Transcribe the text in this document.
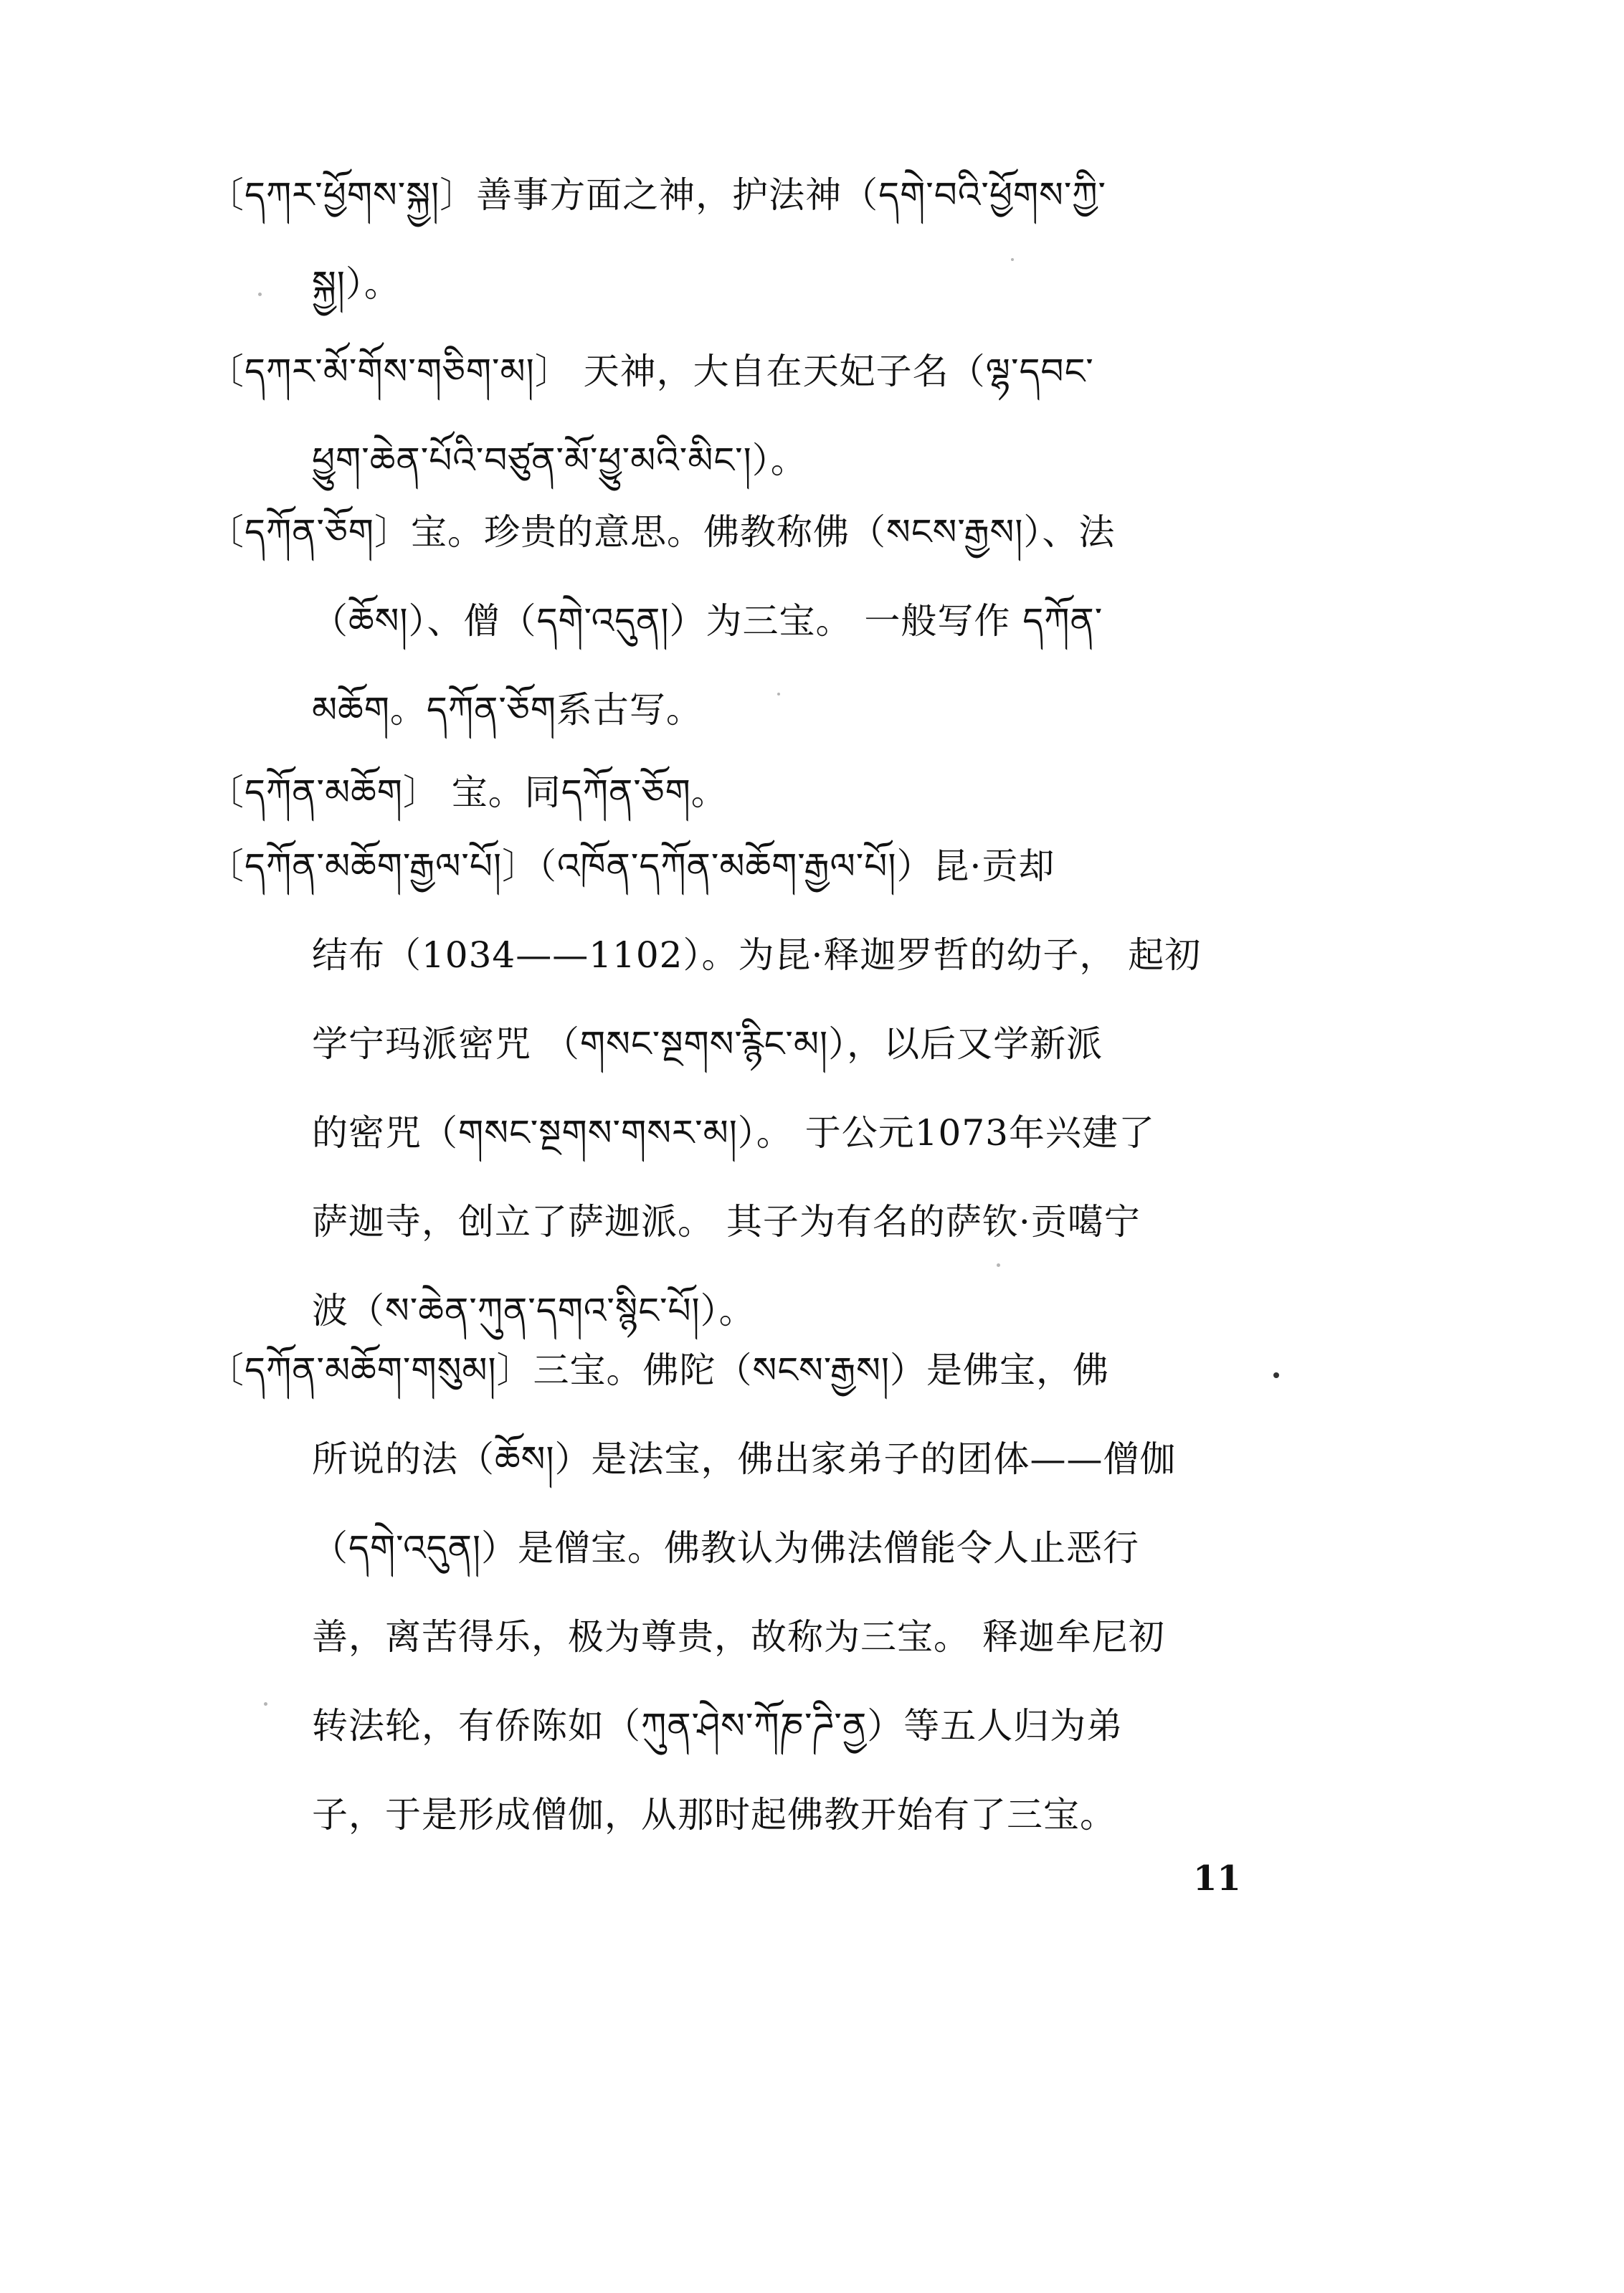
〔དཀར་ཕྱོགས་སྐྱ།〕善事方面之神，护法神（དགེ་བའི་ཕྱོགས་ཀྱི་
སྐྱ།）。
〔དཀར་མོ་གོས་གཅིག་མ།〕 天神，大自在天妃子名（ལྷ་དབང་
ཕྱུག་ཆེན་པོའི་བཙུན་མོ་ཕྱུ་མའི་མིང་།）。
〔དཀོན་ཅོག〕宝。珍贵的意思。佛教称佛（སངས་རྒྱས།）、法
（ཆོས།）、僧（དགེ་འདུན།）为三宝。 一般写作 དཀོན་
མཆོག。དཀོན་ཅོག系古写。
〔དཀོན་མཆོག〕 宝。同དཀོན་ཅོག。
〔དཀོན་མཆོག་རྒྱལ་པོ།〕（འཁོན་དཀོན་མཆོག་རྒྱལ་པོ།）昆·贡却
结布（1034——1102）。为昆·释迦罗哲的幼子， 起初
学宁玛派密咒 （གསང་སྔགས་རྙིང་མ།），以后又学新派
的密咒（གསང་སྔགས་གསར་མ།）。 于公元1073年兴建了
萨迦寺，创立了萨迦派。 其子为有名的萨钦·贡噶宁
波（ས་ཆེན་ཀུན་དགའ་སྙིང་པོ།）。
〔དཀོན་མཆོག་གསུམ།〕三宝。佛陀（སངས་རྒྱས།）是佛宝，佛
所说的法（ཆོས།）是法宝，佛出家弟子的团体——僧伽
（དགེ་འདུན།）是僧宝。佛教认为佛法僧能令人止恶行
善，离苦得乐，极为尊贵，故称为三宝。 释迦牟尼初
转法轮，有侨陈如（ཀུན་ཤེས་ཀོཎ་ཌི་ནྱ）等五人归为弟
子，于是形成僧伽，从那时起佛教开始有了三宝。
11
